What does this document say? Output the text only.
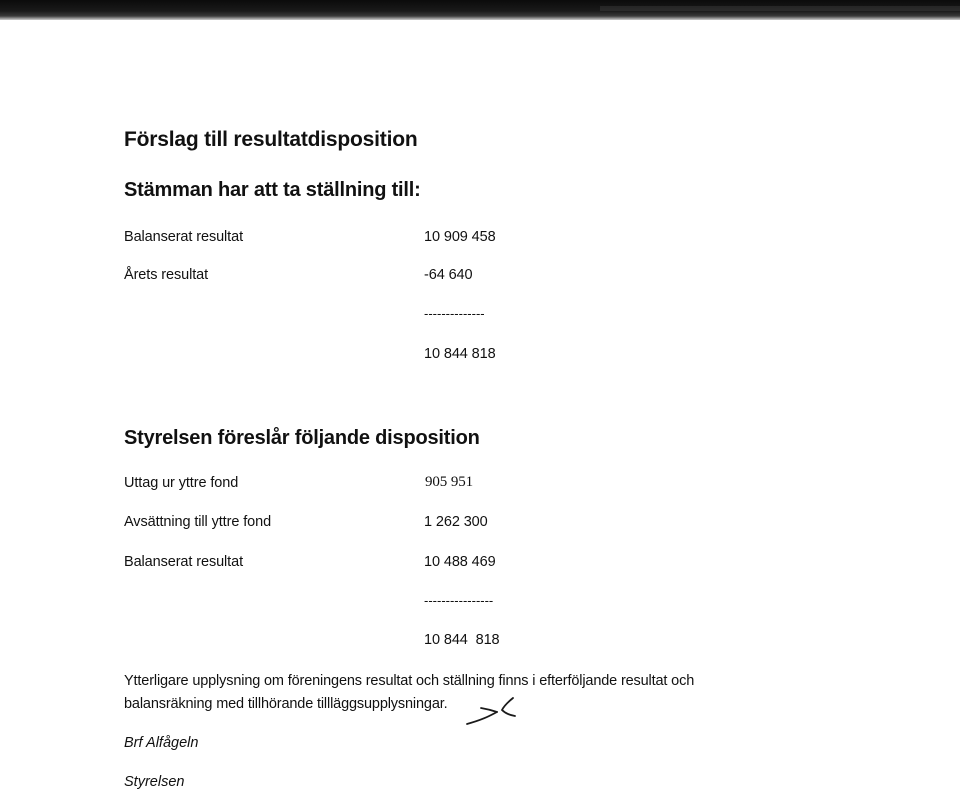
Förslag till resultatdisposition
Stämman har att ta ställning till:
Balanserat resultat	10 909 458
Årets resultat	-64 640
--------------
10 844 818
Styrelsen föreslår följande disposition
Uttag ur yttre fond	905 951
Avsättning till yttre fond	1 262 300
Balanserat resultat	10 488 469
----------------
10 844  818
Ytterligare upplysning om föreningens resultat och ställning finns i efterföljande resultat och
balansräkning med tillhörande tillläggsupplysningar.
Brf Alfågeln
Styrelsen
